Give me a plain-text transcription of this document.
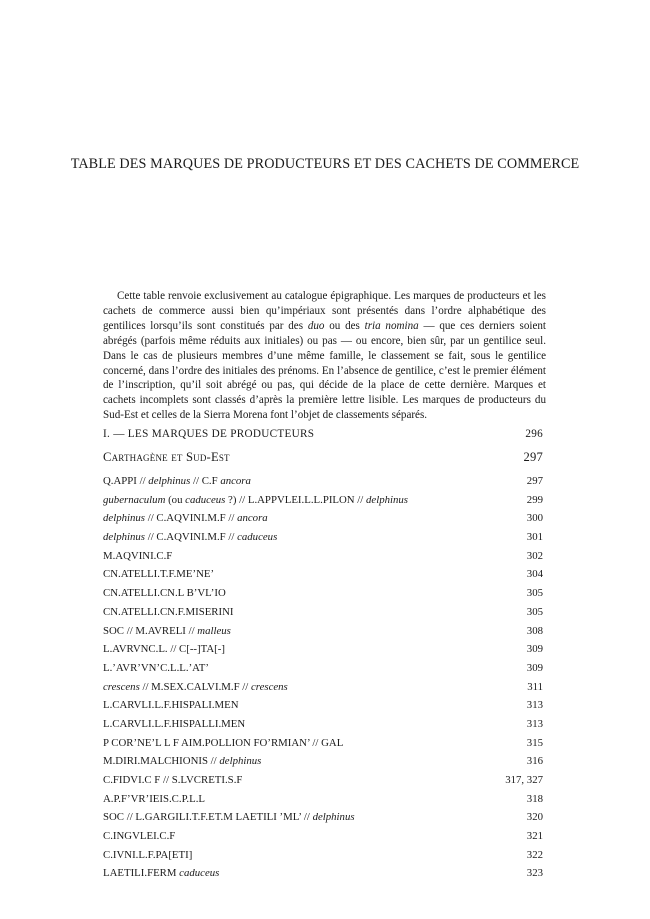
TABLE DES MARQUES DE PRODUCTEURS ET DES CACHETS DE COMMERCE

Cette table renvoie exclusivement au catalogue épigraphique. Les marques de producteurs et les cachets de commerce aussi bien qu’impériaux sont présentés dans l’ordre alphabétique des gentilices lorsqu’ils sont constitués par des duo ou des tria nomina — que ces derniers soient abrégés (parfois même réduits aux initiales) ou pas — ou encore, bien sûr, par un gentilice seul. Dans le cas de plusieurs membres d’une même famille, le classement se fait, sous le gentilice concerné, dans l’ordre des initiales des prénoms. En l’absence de gentilice, c’est le premier élément de l’inscription, qu’il soit abrégé ou pas, qui décide de la place de cette dernière. Marques et cachets incomplets sont classés d’après la première lettre lisible. Les marques de producteurs du Sud-Est et celles de la Sierra Morena font l’objet de classements séparés.

I. — LES MARQUES DE PRODUCTEURS	296
Carthagène et Sud-Est	297
Q.APPI // delphinus // C.F ancora	297
gubernaculum (ou caduceus ?) // L.APPVLEI.L.L.PILON // delphinus	299
delphinus // C.AQVINI.M.F // ancora	300
delphinus // C.AQVINI.M.F // caduceus	301
M.AQVINI.C.F	302
CN.ATELLI.T.F.ME’NE’	304
CN.ATELLI.CN.L B’VL’IO	305
CN.ATELLI.CN.F.MISERINI	305
SOC // M.AVRELI // malleus	308
L.AVRVNC.L. // C[--]TA[-]	309
L.’AVR’VN’C.L.L.’AT’	309
crescens // M.SEX.CALVI.M.F // crescens	311
L.CARVLI.L.F.HISPALI.MEN	313
L.CARVLI.L.F.HISPALLI.MEN	313
P COR’NE’L L F AIM.POLLION FO’RMIAN’ // GAL	315
M.DIRI.MALCHIONIS // delphinus	316
C.FIDVI.C F // S.LVCRETI.S.F	317, 327
A.P.F’VR’IEIS.C.P.L.L	318
SOC // L.GARGILI.T.F.ET.M LAETILI ’ML’ // delphinus	320
C.INGVLEI.C.F	321
C.IVNI.L.F.PA[ETI]	322
LAETILI.FERM caduceus	323
